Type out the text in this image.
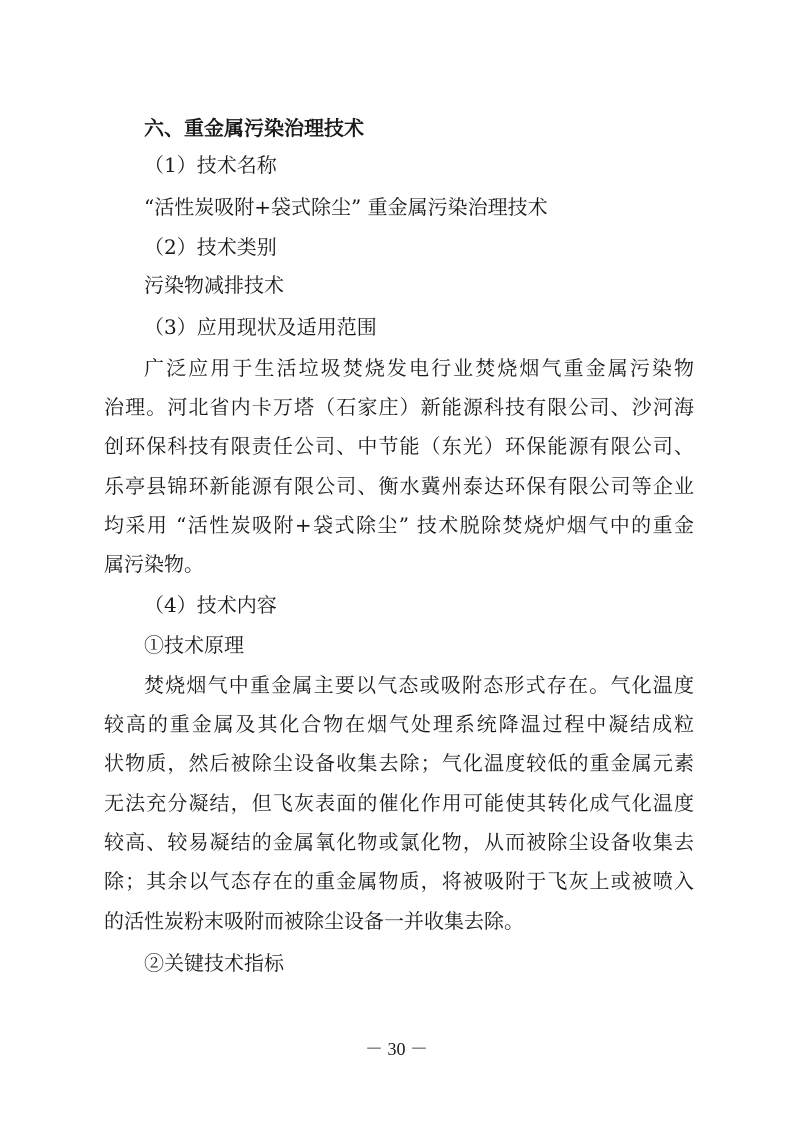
六、重金属污染治理技术
（1）技术名称
“活性炭吸附+袋式除尘” 重金属污染治理技术
（2）技术类别
污染物减排技术
（3）应用现状及适用范围
广泛应用于生活垃圾焚烧发电行业焚烧烟气重金属污染物
治理。河北省内卡万塔（石家庄）新能源科技有限公司、沙河海
创环保科技有限责任公司、中节能（东光）环保能源有限公司、
乐亭县锦环新能源有限公司、衡水冀州泰达环保有限公司等企业
均采用 “活性炭吸附+袋式除尘” 技术脱除焚烧炉烟气中的重金
属污染物。
（4）技术内容
①技术原理
焚烧烟气中重金属主要以气态或吸附态形式存在。气化温度
较高的重金属及其化合物在烟气处理系统降温过程中凝结成粒
状物质，然后被除尘设备收集去除；气化温度较低的重金属元素
无法充分凝结，但飞灰表面的催化作用可能使其转化成气化温度
较高、较易凝结的金属氧化物或氯化物，从而被除尘设备收集去
除；其余以气态存在的重金属物质，将被吸附于飞灰上或被喷入
的活性炭粉末吸附而被除尘设备一并收集去除。
②关键技术指标
－ 30 －
